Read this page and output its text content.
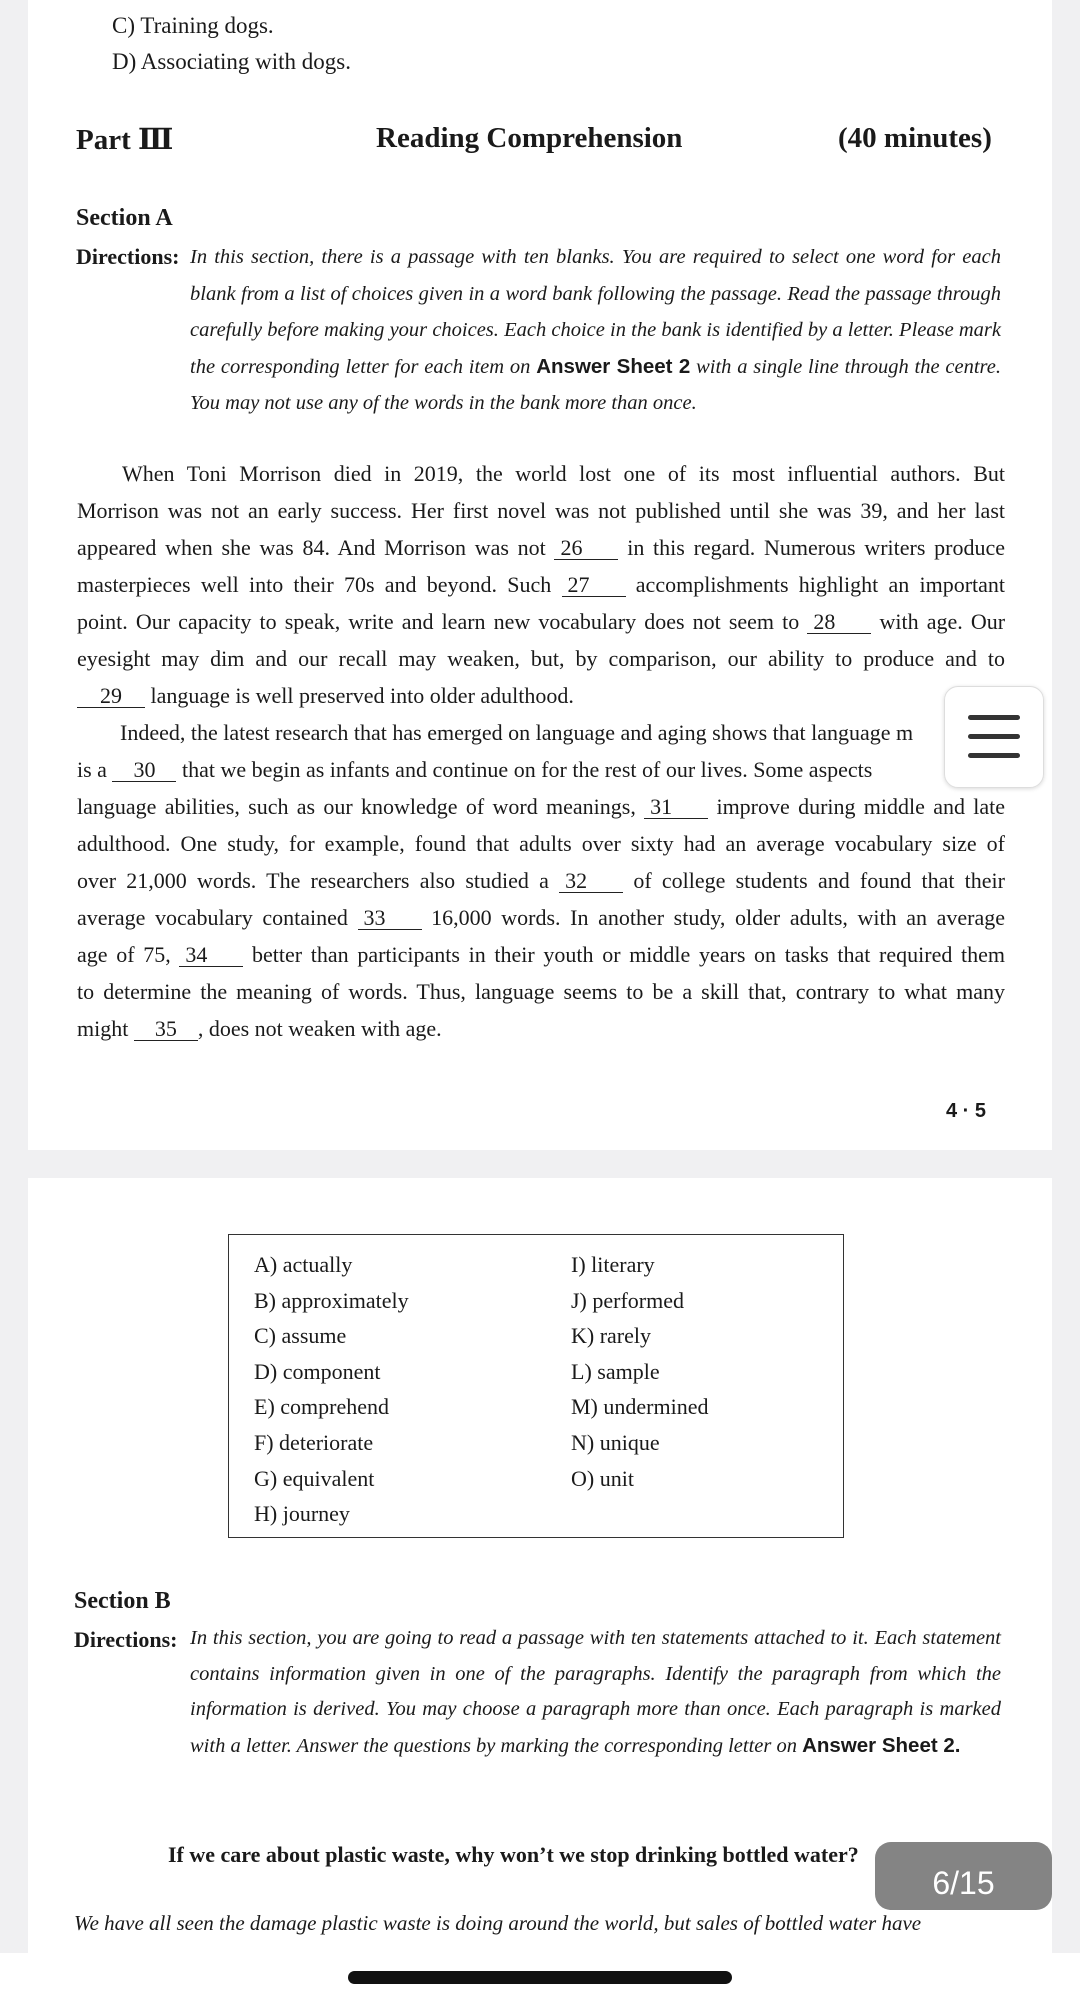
C) Training dogs.
D) Associating with dogs.
Part Ⅲ	Reading Comprehension	(40 minutes)
Section A
Directions: In this section, there is a passage with ten blanks. You are required to select one word for each blank from a list of choices given in a word bank following the passage. Read the passage through carefully before making your choices. Each choice in the bank is identified by a letter. Please mark the corresponding letter for each item on Answer Sheet 2 with a single line through the centre. You may not use any of the words in the bank more than once.
When Toni Morrison died in 2019, the world lost one of its most influential authors. But
Morrison was not an early success. Her first novel was not published until she was 39, and her last
appeared when she was 84. And Morrison was not 26 in this regard. Numerous writers produce
masterpieces well into their 70s and beyond. Such 27 accomplishments highlight an important
point. Our capacity to speak, write and learn new vocabulary does not seem to 28 with age. Our
eyesight may dim and our recall may weaken, but, by comparison, our ability to produce and to
29 language is well preserved into older adulthood.
Indeed, the latest research that has emerged on language and aging shows that language m
is a 30 that we begin as infants and continue on for the rest of our lives. Some aspects
language abilities, such as our knowledge of word meanings, 31 improve during middle and late
adulthood. One study, for example, found that adults over sixty had an average vocabulary size of
over 21,000 words. The researchers also studied a 32 of college students and found that their
average vocabulary contained 33 16,000 words. In another study, older adults, with an average
age of 75, 34 better than participants in their youth or middle years on tasks that required them
to determine the meaning of words. Thus, language seems to be a skill that, contrary to what many
might 35 , does not weaken with age.
4 · 5
A) actually
B) approximately
C) assume
D) component
E) comprehend
F) deteriorate
G) equivalent
H) journey
I) literary
J) performed
K) rarely
L) sample
M) undermined
N) unique
O) unit
Section B
Directions: In this section, you are going to read a passage with ten statements attached to it. Each statement contains information given in one of the paragraphs. Identify the paragraph from which the information is derived. You may choose a paragraph more than once. Each paragraph is marked with a letter. Answer the questions by marking the corresponding letter on Answer Sheet 2.
If we care about plastic waste, why won’t we stop drinking bottled water?
We have all seen the damage plastic waste is doing around the world, but sales of bottled water have
6/15
